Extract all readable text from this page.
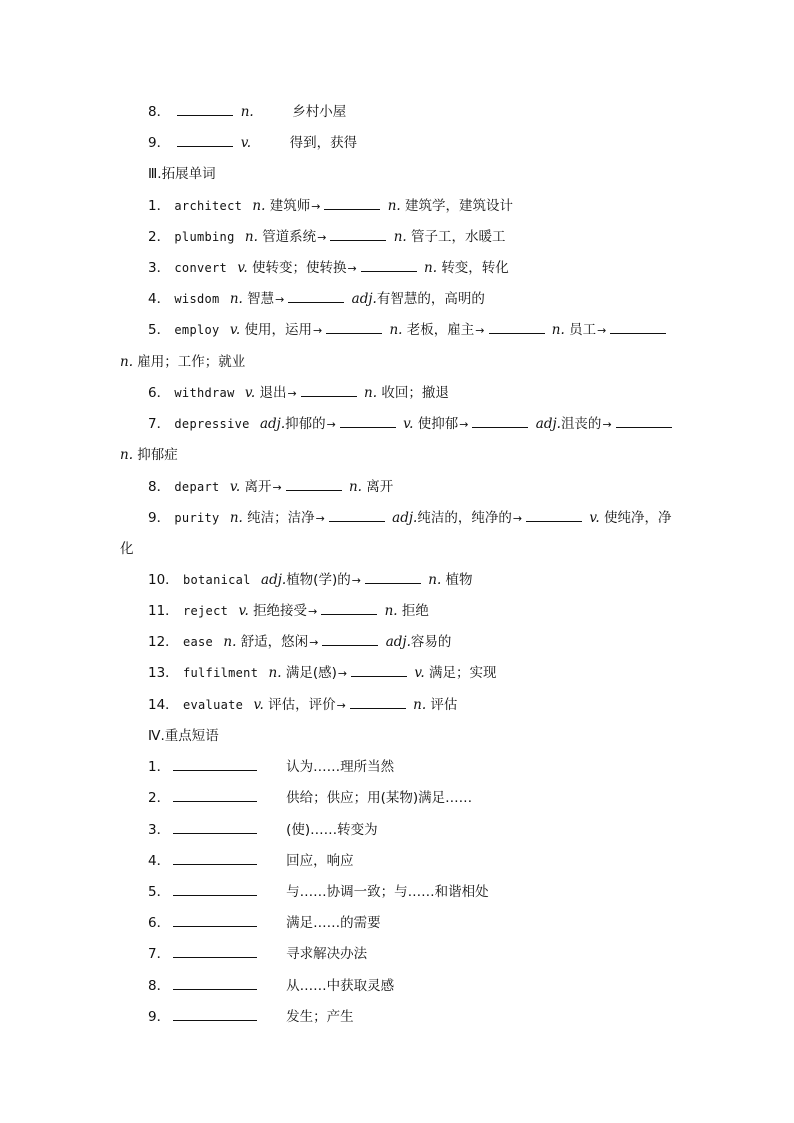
8．	n.	乡村小屋
9．	v.	得到，获得
Ⅲ.拓展单词
1． architect n. 建筑师→	n. 建筑学，建筑设计
2． plumbing n. 管道系统→	n. 管子工，水暖工
3． convert v. 使转变；使转换→	n. 转变，转化
4． wisdom n. 智慧→	adj.有智慧的，高明的
5． employ v. 使用，运用→	n. 老板，雇主→	n. 员工→
n. 雇用；工作；就业
6． withdraw v. 退出→	n. 收回；撤退
7． depressive adj.抑郁的→	v. 使抑郁→	adj.沮丧的→
n. 抑郁症
8． depart v. 离开→	n. 离开
9． purity n. 纯洁；洁净→	adj.纯洁的，纯净的→	v. 使纯净，净
化
10． botanical adj.植物(学)的→	n. 植物
11． reject v. 拒绝接受→	n. 拒绝
12． ease n. 舒适，悠闲→	adj.容易的
13． fulfilment n. 满足(感)→	v. 满足；实现
14． evaluate v. 评估，评价→	n. 评估
Ⅳ.重点短语
1．	认为……理所当然
2．	供给；供应；用(某物)满足……
3．	(使)……转变为
4．	回应，响应
5．	与……协调一致；与……和谐相处
6．	满足……的需要
7．	寻求解决办法
8．	从……中获取灵感
9．	发生；产生
